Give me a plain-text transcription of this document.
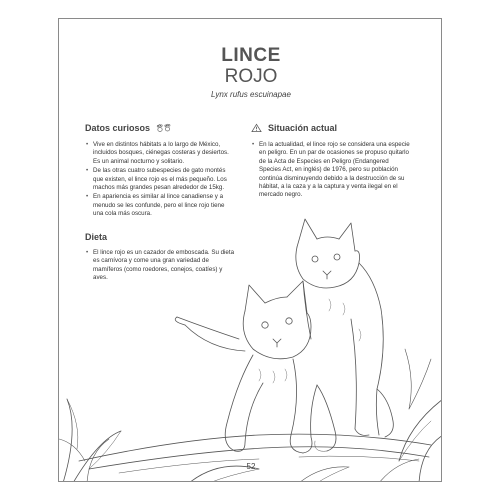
LINCE
ROJO
Lynx rufus escuinapae
Datos curiosos
• Vive en distintos hábitats a lo largo de México, incluidos bosques, ciénegas costeras y desiertos. Es un animal nocturno y solitario.
• De las otras cuatro subespecies de gato montés que existen, el lince rojo es el más pequeño. Los machos más grandes pesan alrededor de 15kg.
• En apariencia es similar al lince canadiense y a menudo se les confunde, pero el lince rojo tiene una cola más oscura.
Dieta
• El lince rojo es un cazador de emboscada. Su dieta es carnívora y come una gran variedad de mamíferos (como roedores, conejos, coatíes) y aves.
Situación actual
• En la actualidad, el lince rojo se considera una especie en peligro. En un par de ocasiones se propuso quitarlo de la Acta de Especies en Peligro (Endangered Species Act, en inglés) de 1976, pero su población continúa disminuyendo debido a la destrucción de su hábitat, a la caza y a la captura y venta ilegal en el mercado negro.
52
